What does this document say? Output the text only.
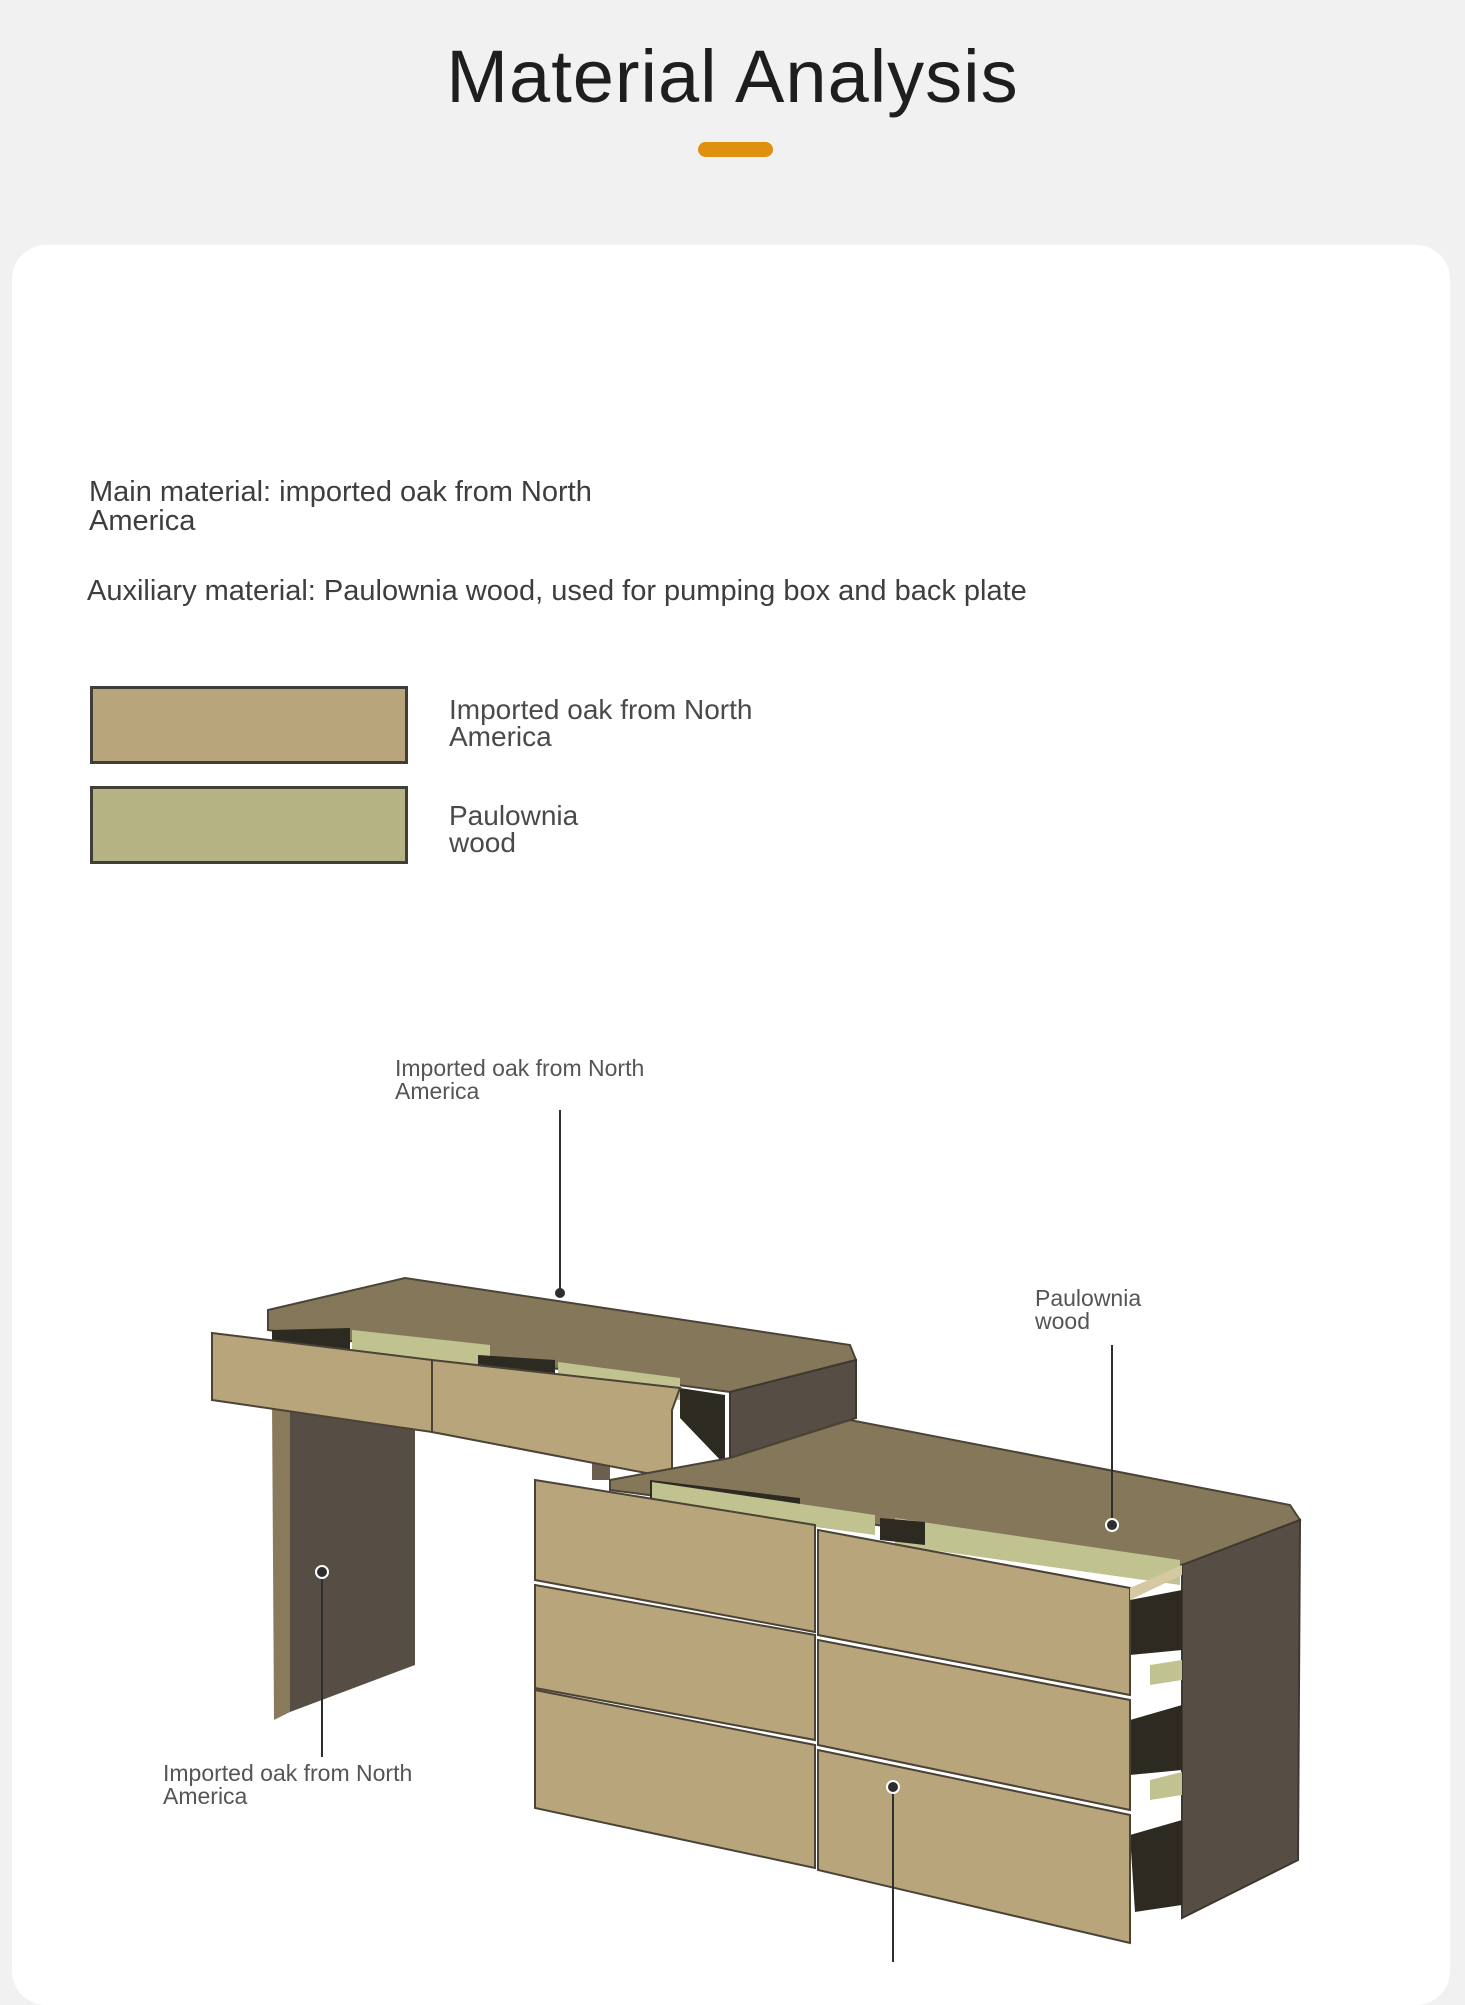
Material Analysis
Main material: imported oak from North America
Auxiliary material: Paulownia wood, used for pumping box and back plate
Imported oak from North America
Paulownia wood
Imported oak from North America
Paulownia wood
Imported oak from North America
